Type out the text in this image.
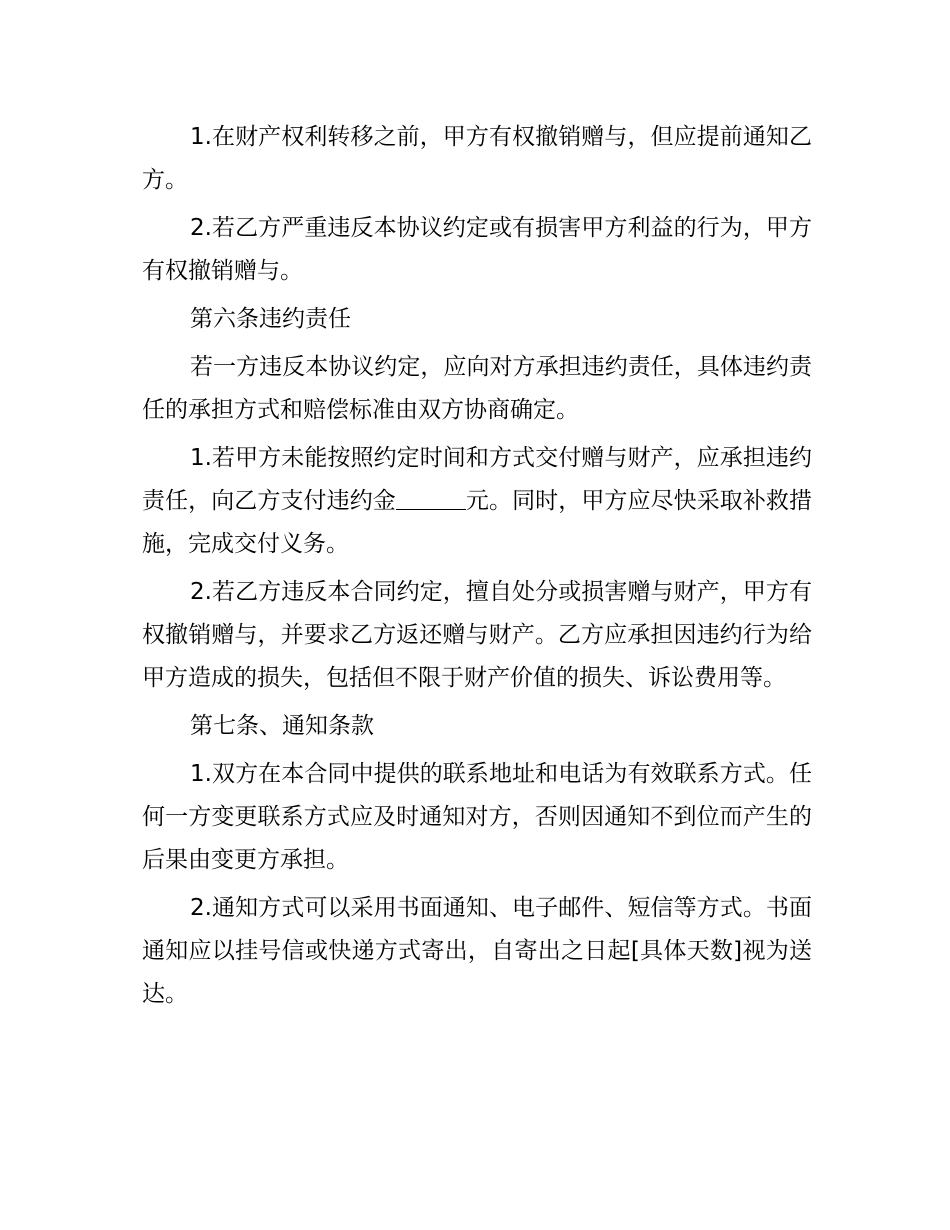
1.在财产权利转移之前，甲方有权撤销赠与，但应提前通知乙方。

2.若乙方严重违反本协议约定或有损害甲方利益的行为，甲方有权撤销赠与。

第六条违约责任

若一方违反本协议约定，应向对方承担违约责任，具体违约责任的承担方式和赔偿标准由双方协商确定。

1.若甲方未能按照约定时间和方式交付赠与财产，应承担违约责任，向乙方支付违约金	元。同时，甲方应尽快采取补救措施，完成交付义务。

2.若乙方违反本合同约定，擅自处分或损害赠与财产，甲方有权撤销赠与，并要求乙方返还赠与财产。乙方应承担因违约行为给甲方造成的损失，包括但不限于财产价值的损失、诉讼费用等。

第七条、通知条款

1.双方在本合同中提供的联系地址和电话为有效联系方式。任何一方变更联系方式应及时通知对方，否则因通知不到位而产生的后果由变更方承担。

2.通知方式可以采用书面通知、电子邮件、短信等方式。书面通知应以挂号信或快递方式寄出，自寄出之日起[具体天数]视为送达。
